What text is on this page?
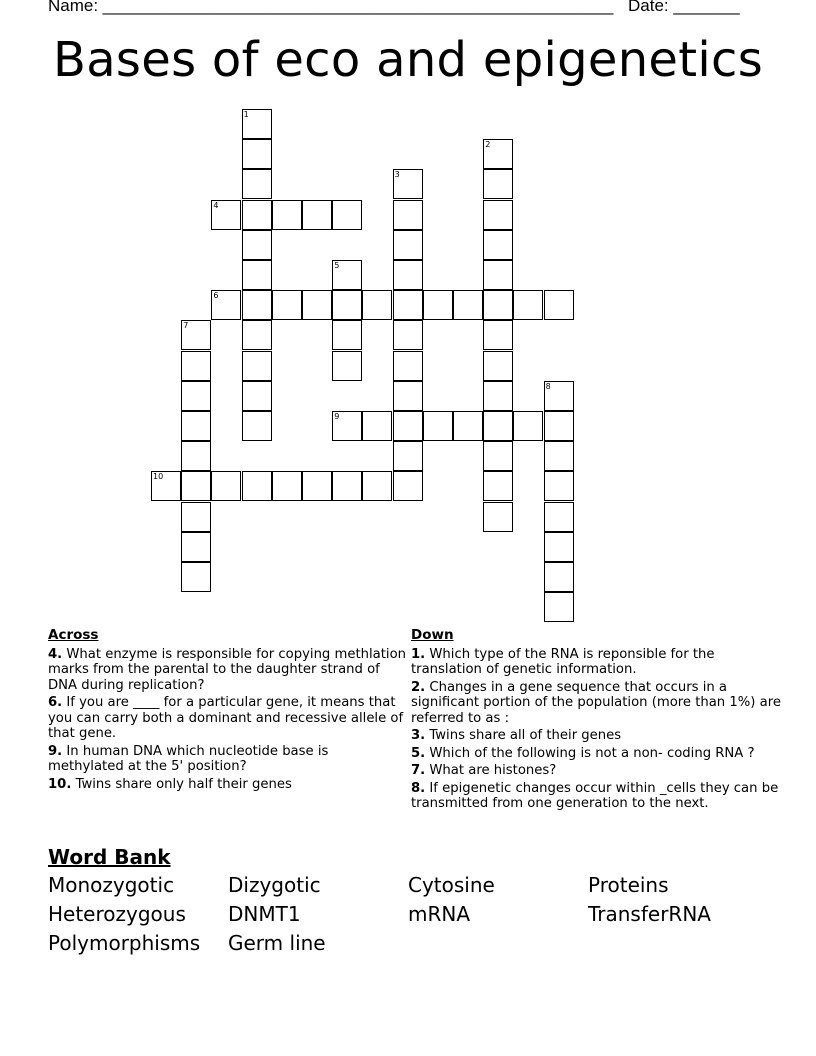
Name: ______________________________________________________ Date: _______
Bases of eco and epigenetics
1
2
3
4
5
6
7
8
9
10
Across
4. What enzyme is responsible for copying methlation marks from the parental to the daughter strand of DNA during replication?
6. If you are ____ for a particular gene, it means that you can carry both a dominant and recessive allele of that gene.
9. In human DNA which nucleotide base is methylated at the 5' position?
10. Twins share only half their genes
Down
1. Which type of the RNA is reponsible for the translation of genetic information.
2. Changes in a gene sequence that occurs in a significant portion of the population (more than 1%) are referred to as :
3. Twins share all of their genes
5. Which of the following is not a non- coding RNA ?
7. What are histones?
8. If epigenetic changes occur within _cells they can be transmitted from one generation to the next.
Word Bank
Monozygotic	Dizygotic	Cytosine	Proteins
Heterozygous	DNMT1	mRNA	TransferRNA
Polymorphisms	Germ line
